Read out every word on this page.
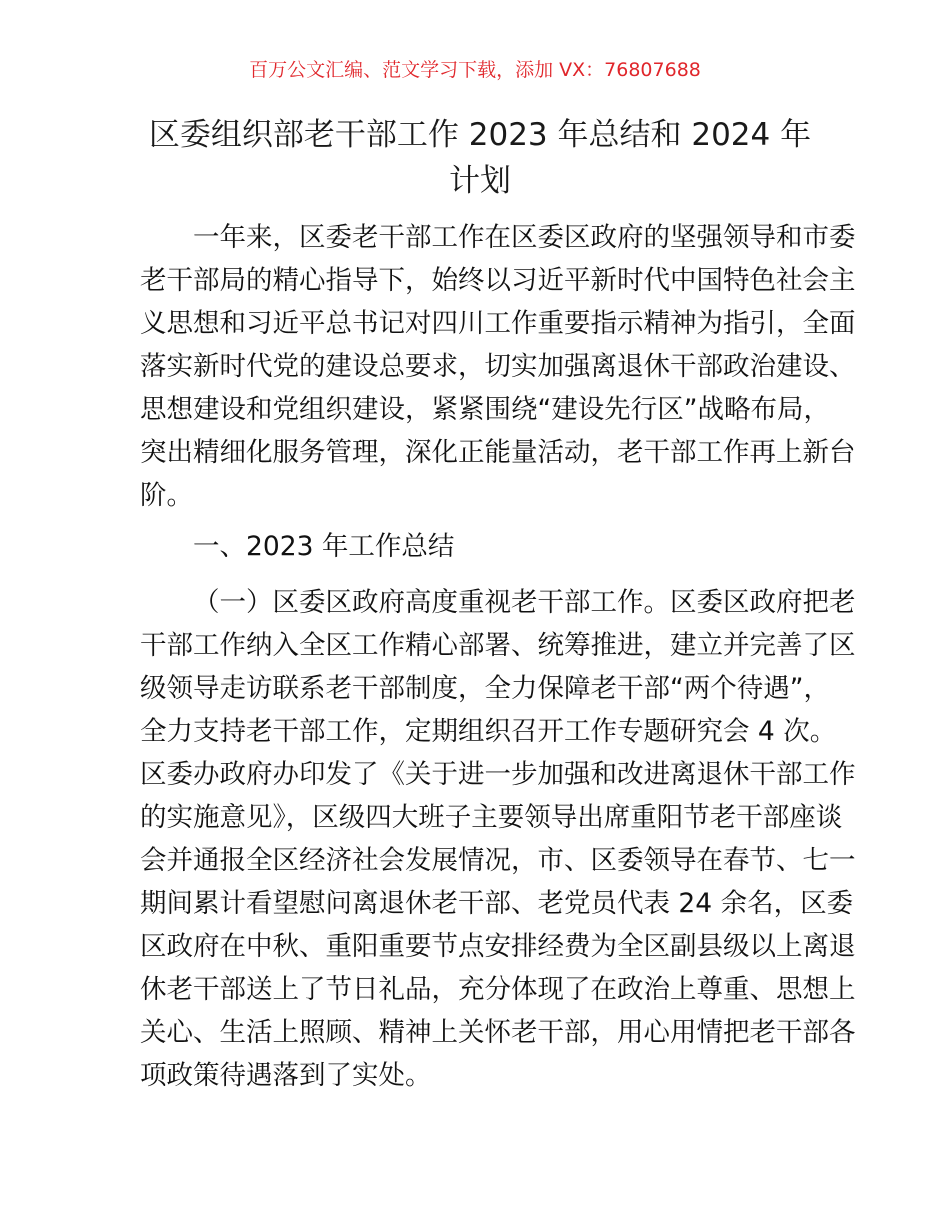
百万公文汇编、范文学习下载，添加 VX：76807688
区委组织部老干部工作 2023 年总结和 2024 年
计划
一年来，区委老干部工作在区委区政府的坚强领导和市委
老干部局的精心指导下，始终以习近平新时代中国特色社会主
义思想和习近平总书记对四川工作重要指示精神为指引，全面
落实新时代党的建设总要求，切实加强离退休干部政治建设、
思想建设和党组织建设，紧紧围绕“建设先行区”战略布局，
突出精细化服务管理，深化正能量活动，老干部工作再上新台
阶。
一、2023 年工作总结
（一）区委区政府高度重视老干部工作。区委区政府把老
干部工作纳入全区工作精心部署、统筹推进，建立并完善了区
级领导走访联系老干部制度，全力保障老干部“两个待遇”，
全力支持老干部工作，定期组织召开工作专题研究会 4 次。
区委办政府办印发了《关于进一步加强和改进离退休干部工作
的实施意见》，区级四大班子主要领导出席重阳节老干部座谈
会并通报全区经济社会发展情况，市、区委领导在春节、七一
期间累计看望慰问离退休老干部、老党员代表 24 余名，区委
区政府在中秋、重阳重要节点安排经费为全区副县级以上离退
休老干部送上了节日礼品，充分体现了在政治上尊重、思想上
关心、生活上照顾、精神上关怀老干部，用心用情把老干部各
项政策待遇落到了实处。
